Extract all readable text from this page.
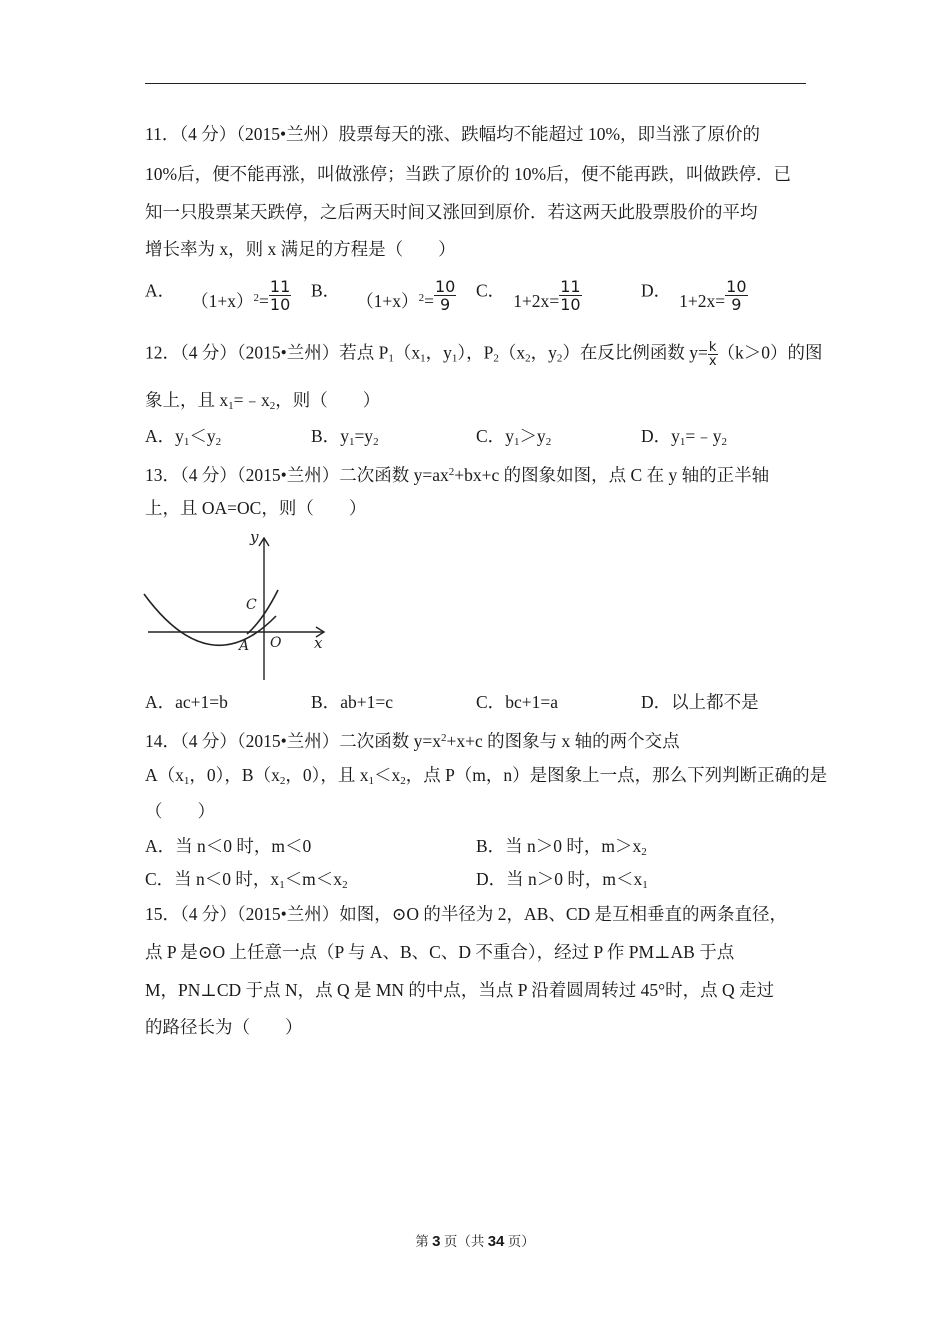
11．（4 分）（2015•兰州）股票每天的涨、跌幅均不能超过 10%，即当涨了原价的
10%后，便不能再涨，叫做涨停；当跌了原价的 10%后，便不能再跌，叫做跌停．已
知一只股票某天跌停，之后两天时间又涨回到原价．若这两天此股票股价的平均
增长率为 x，则 x 满足的方程是（　　）
A． $(1+x)^2= \frac{11}{10}$ B． $(1+x)^2= \frac{10}{9}$ C． $1+2x= \frac{11}{10}$	D． $1+2x= \frac{10}{9}$
12．（4 分）（2015•兰州）若点 $P_1(x_1$，$y_1$），$P_2(x_2$，$y_2$）在反比例函数 $y= \frac{k}{x} (k>0)$的图
象上，且 $x_1=﹣x_2$，则（　　）
A．$y_1<y_2$	B．$y_1=y_2$	C．$y_1>y_2$	D．$y_1=﹣y_2$
13．（4 分）（2015•兰州）二次函数 $y=ax^2+bx+c$ 的图象如图，点 C 在 y 轴的正半轴
上，且 OA=OC，则（　　）
y
x
C
O
A
A．ac+1=b	B．ab+1=c	C．bc+1=a	D．以上都不是
14．（4 分）（2015•兰州）二次函数 $y=x^2+x+c$ 的图象与 x 轴的两个交点
$A(x_1$，0），$B(x_2$，0），且 $x_1<x_2$，点 P（m，n）是图象上一点，那么下列判断正确的是
（　　）
A．当 n＜0 时，m＜0	B．当 n＞0 时，$m>x_2$
C．当 n＜0 时，$x_1<m<x_2$	D．当 n＞0 时，$m<x_1$
15．（4 分）（2015•兰州）如图，⊙O 的半径为 2，AB、CD 是互相垂直的两条直径，
点 P 是⊙O 上任意一点（P 与 A、B、C、D 不重合），经过 P 作 PM⊥AB 于点
M，PN⊥CD 于点 N，点 Q 是 MN 的中点，当点 P 沿着圆周转过 45°时，点 Q 走过
的路径长为（　　）
第 3 页（共 34 页）
